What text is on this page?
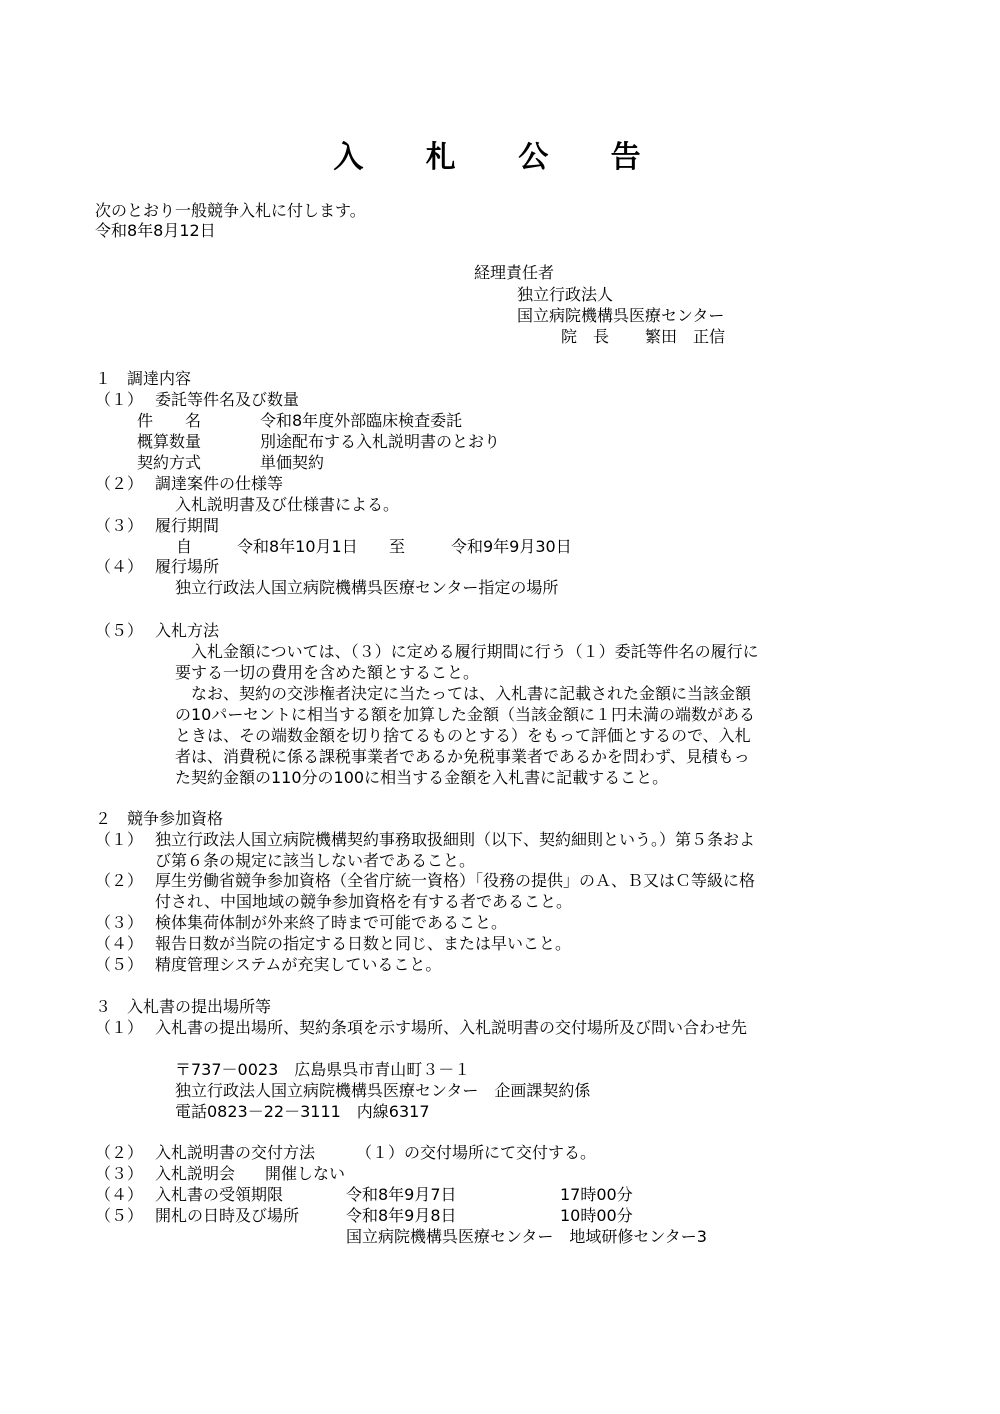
入 札 公 告
次のとおり一般競争入札に付します。
令和8年8月12日
経理責任者
独立行政法人
国立病院機構呉医療センター
院　長 繁田　正信
１　調達内容
（１） 委託等件名及び数量
件　　名	令和8年度外部臨床検査委託
概算数量	別途配布する入札説明書のとおり
契約方式	単価契約
（２） 調達案件の仕様等
入札説明書及び仕様書による。
（３） 履行期間
自	令和8年10月1日 至	令和9年9月30日
（４） 履行場所
独立行政法人国立病院機構呉医療センター指定の場所
（５） 入札方法
　入札金額については、（３）に定める履行期間に行う（１）委託等件名の履行に
要する一切の費用を含めた額とすること。
　なお、契約の交渉権者決定に当たっては、入札書に記載された金額に当該金額
の10パーセントに相当する額を加算した金額（当該金額に１円未満の端数がある
ときは、その端数金額を切り捨てるものとする）をもって評価とするので、入札
者は、消費税に係る課税事業者であるか免税事業者であるかを問わず、見積もっ
た契約金額の110分の100に相当する金額を入札書に記載すること。
２　競争参加資格
（１） 独立行政法人国立病院機構契約事務取扱細則（以下、契約細則という。）第５条およ
び第６条の規定に該当しない者であること。
（２） 厚生労働省競争参加資格（全省庁統一資格）「役務の提供」のＡ、Ｂ又はＣ等級に格
付され、中国地域の競争参加資格を有する者であること。
（３） 検体集荷体制が外来終了時まで可能であること。
（４） 報告日数が当院の指定する日数と同じ、または早いこと。
（５） 精度管理システムが充実していること。
３　入札書の提出場所等
（１） 入札書の提出場所、契約条項を示す場所、入札説明書の交付場所及び問い合わせ先
〒737－0023　広島県呉市青山町３－１
独立行政法人国立病院機構呉医療センター　企画課契約係
電話0823－22－3111　内線6317
（２） 入札説明書の交付方法	（１）の交付場所にて交付する。
（３） 入札説明会 開催しない
（４） 入札書の受領期限	令和8年9月7日	17時00分
（５） 開札の日時及び場所	令和8年9月8日	10時00分
国立病院機構呉医療センター　地域研修センター3
